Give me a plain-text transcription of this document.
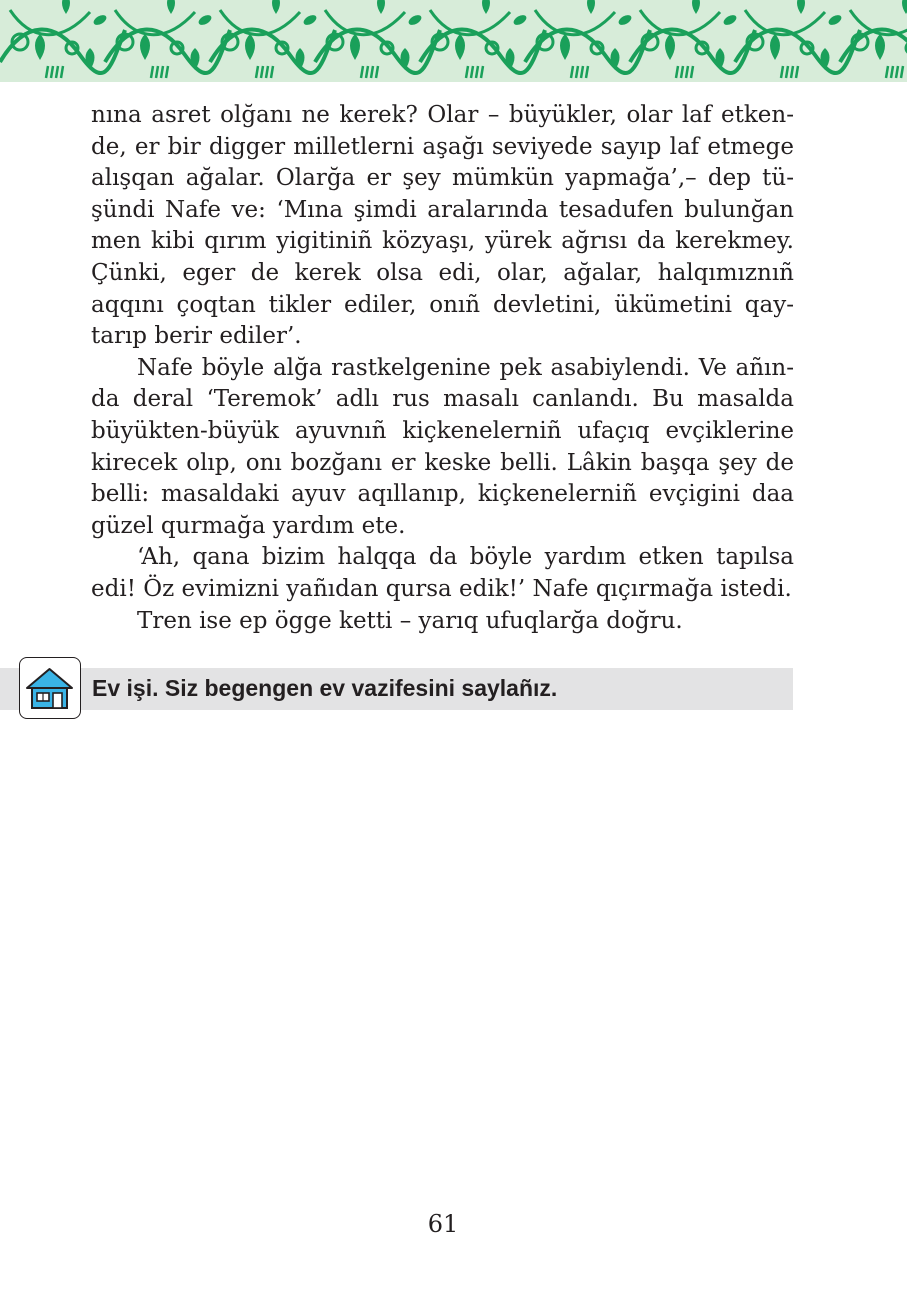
nına asret olğanı ne kerek? Olar – büyükler, olar laf etken- de, er bir digger milletlerni aşağı seviyede sayıp laf etmege alışqan ağalar. Olarğa er şey mümkün yapmağa’,– dep tü- şündi Nafe ve: ‘Mına şimdi aralarında tesadufen bulunğan men kibi qırım yigitiniñ közyaşı, yürek ağrısı da kerekmey. Çünki, eger de kerek olsa edi, olar, ağalar, halqımıznıñ aqqını çoqtan tikler ediler, onıñ devletini, ükümetini qay- tarıp berir ediler’.

Nafe böyle alğa rastkelgenine pek asabiylendi. Ve añın- da deral ‘Teremok’ adlı rus masalı canlandı. Bu masalda büyükten-büyük ayuvnıñ kiçkenelerniñ ufaçıq evçiklerine kirecek olıp, onı bozğanı er keske belli. Lâkin başqa şey de belli: masaldaki ayuv aqıllanıp, kiçkenelerniñ evçigini daa güzel qurmağa yardım ete.

‘Ah, qana bizim halqqa da böyle yardım etken tapılsa edi! Öz evimizni yañıdan qursa edik!’ Nafe qıçırmağa istedi.

Tren ise ep ögge ketti – yarıq ufuqlarğa doğru.

Ev işi. Siz begengen ev vazifesini saylañız.
61
